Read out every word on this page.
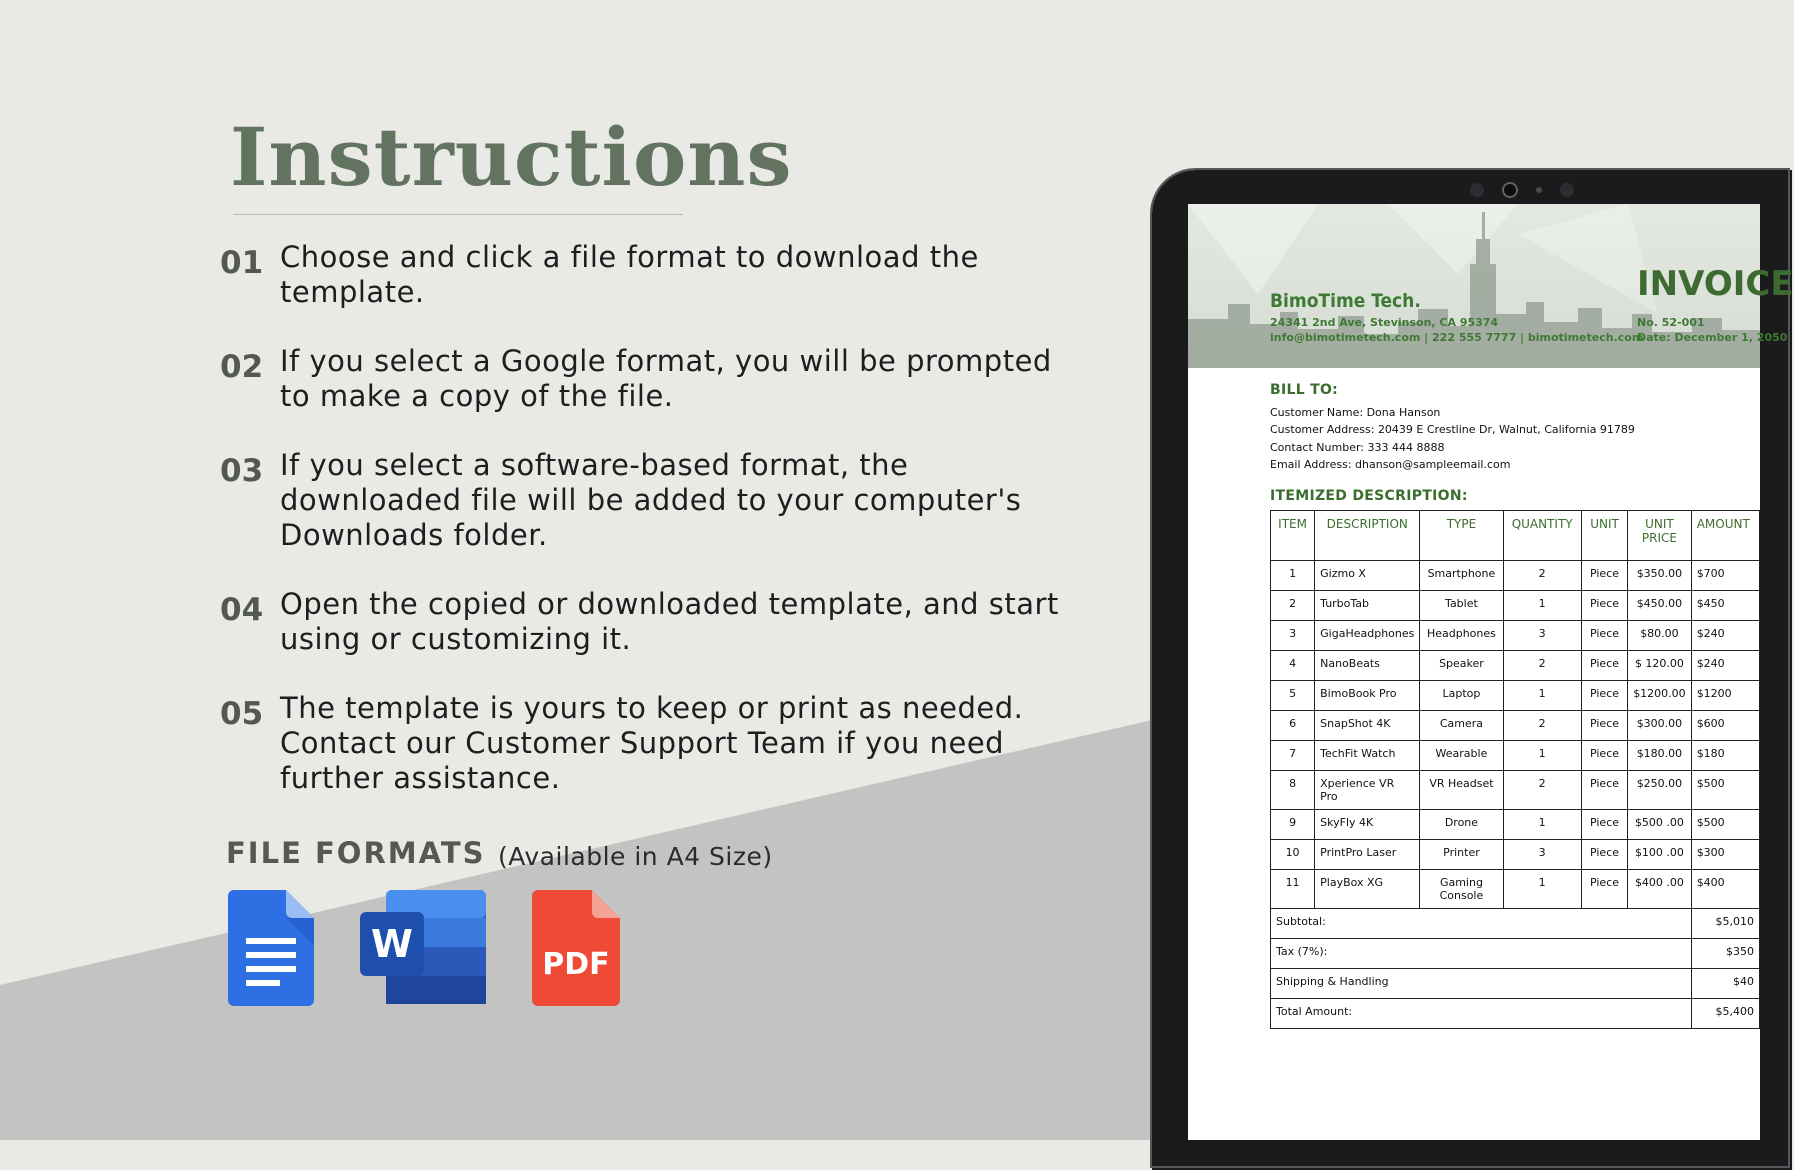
Instructions
01 Choose and click a file format to download the template.
02 If you select a Google format, you will be prompted to make a copy of the file.
03 If you select a software-based format, the downloaded file will be added to your computer's Downloads folder.
04 Open the copied or downloaded template, and start using or customizing it.
05 The template is yours to keep or print as needed. Contact our Customer Support Team if you need further assistance.
FILE FORMATS (Available in A4 Size)
W	PDF
BimoTime Tech.
24341 2nd Ave, Stevinson, CA 95374
info@bimotimetech.com | 222 555 7777 | bimotimetech.com
INVOICE
No. 52-001
Date: December 1, 2050
BILL TO:
Customer Name: Dona Hanson
Customer Address: 20439 E Crestline Dr, Walnut, California 91789
Contact Number: 333 444 8888
Email Address: dhanson@sampleemail.com
ITEMIZED DESCRIPTION:
ITEM	DESCRIPTION	TYPE	QUANTITY	UNIT	UNIT PRICE	AMOUNT
1	Gizmo X	Smartphone	2	Piece	$350.00	$700
2	TurboTab	Tablet	1	Piece	$450.00	$450
3	GigaHeadphones	Headphones	3	Piece	$80.00	$240
4	NanoBeats	Speaker	2	Piece	$ 120.00	$240
5	BimoBook Pro	Laptop	1	Piece	$1200.00	$1200
6	SnapShot 4K	Camera	2	Piece	$300.00	$600
7	TechFit Watch	Wearable	1	Piece	$180.00	$180
8	Xperience VR Pro	VR Headset	2	Piece	$250.00	$500
9	SkyFly 4K	Drone	1	Piece	$500 .00	$500
10	PrintPro Laser	Printer	3	Piece	$100 .00	$300
11	PlayBox XG	Gaming Console	1	Piece	$400 .00	$400
Subtotal:						$5,010
Tax (7%):						$350
Shipping & Handling						$40
Total Amount:						$5,400
